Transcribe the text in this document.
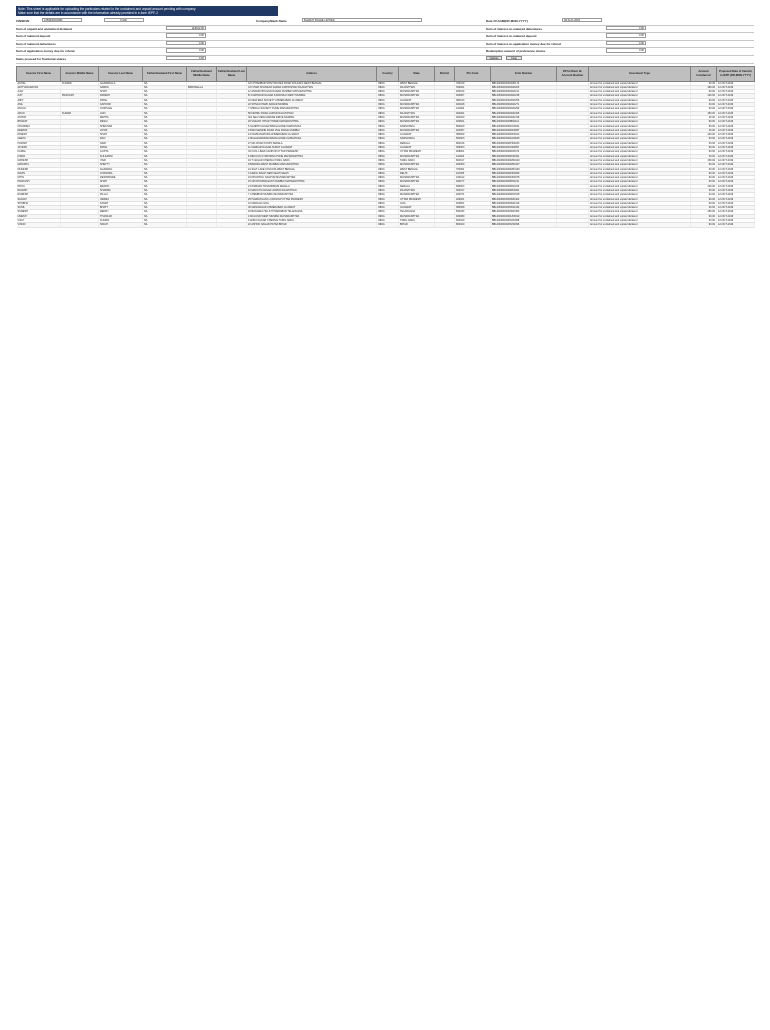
Note: This sheet is applicable for uploading the particulars related to the unclaimed and unpaid amount pending with company.
Make sure that the details are in accordance with the information already provided in e-form IEPF-2
CIN/BCIN	L65990MH1984	Prefill	Company/Bank Name	BHARAT BIJLEE LIMITED	Date Of AGM(DD-MON-YYYY)	08-AUG-2018
Sum of unpaid and unclaimed dividend	118422.00	Sum of interest on matured debentures	0.00
Sum of matured deposit	0.00	Sum of interest on matured deposit	0.00
Sum of matured debentures	0.00	Sum of interest on application money due for refund	0.00
Sum of application money due for refund	0.00	Redemption amount of preference shares	0.00
Sales proceed for fractional shares	0.00	Validate	Clear
Investor First Name	Investor Middle Name	Investor Last Name	Father/Husband First Name	Father/Husband Middle Name	Father/Husband Last Name	Address	Country	State	District	Pin Code	Folio Number	DP Id-Client Id-Account Number	Investment Type	Amount transferred	Proposed Date of transfer to IEPF (DD-MON-YYYY)
ACHAL	KUMARI	AGARWALLA	NA			C/O PITAMBAR SHAH 8/A DEF ROAD KOLKATA WEST BENGAL	INDIA	WEST BENGAL		700019	BBL0000000000A00174		Amount for unclaimed and unpaid dividend	30.00	12-OCT-2019
ADITYANARAYAN		SARDA	NA	BIRDIWALLA		C/O HARI SHANKAR SARDA GOPIKISHAN RAJASTHAN	INDIA	RAJASTHAN		332001	BBL0000000000A00203		Amount for unclaimed and unpaid dividend	180.00	12-OCT-2019
AJAY		SHAH	NA			12 ANANDI BHUVAN DADAR MUMBAI MAHARASHTRA	INDIA	MAHARASHTRA		400014	BBL0000000000A00211		Amount for unclaimed and unpaid dividend	60.00	12-OCT-2019
AJIT	PRAKASH	PAREKH	NA			B 4 MAHAVIR NAGAR KANDIVALI WEST MUMBAI	INDIA	MAHARASHTRA		400067	BBL0000000000A00238		Amount for unclaimed and unpaid dividend	120.00	12-OCT-2019
AMIT		PATEL	NA			40 NEW ERA SOCIETY AHMEDABAD GUJARAT	INDIA	GUJARAT		380013	BBL0000000000A00256		Amount for unclaimed and unpaid dividend	90.00	12-OCT-2019
ANIL		KAPOOR	NA			22 SHIVAJI PARK DADAR MUMBAI	INDIA	MAHARASHTRA		400028	BBL0000000000A00271		Amount for unclaimed and unpaid dividend	30.00	12-OCT-2019
ANJALI		GOKHALE	NA			7 SHIRALI SOCIETY PUNE MAHARASHTRA	INDIA	MAHARASHTRA		411004	BBL0000000000A00290		Amount for unclaimed and unpaid dividend	60.00	12-OCT-2019
ARUN	KUMAR	JAIN	NA			56 NEHRU ROAD JAIPUR RAJASTHAN	INDIA	RAJASTHAN		302001	BBL0000000000A00305		Amount for unclaimed and unpaid dividend	150.00	12-OCT-2019
ASHOK		MEHTA	NA			301 SEA VIEW MARINE DRIVE MUMBAI	INDIA	MAHARASHTRA		400020	BBL0000000000A00318		Amount for unclaimed and unpaid dividend	30.00	12-OCT-2019
BHARAT		DESAI	NA			18 VASANT VIHAR THANE MAHARASHTRA	INDIA	MAHARASHTRA		400601	BBL0000000000B00112		Amount for unclaimed and unpaid dividend	90.00	12-OCT-2019
CHANDRA		SHEKHAR	NA			5 GANDHI NAGAR BANGALORE KARNATAKA	INDIA	KARNATAKA		560009	BBL0000000000C00041		Amount for unclaimed and unpaid dividend	60.00	12-OCT-2019
DEEPAK		JOSHI	NA			9 RAM MANDIR ROAD VILE PARLE MUMBAI	INDIA	MAHARASHTRA		400057	BBL0000000000D00087		Amount for unclaimed and unpaid dividend	30.00	12-OCT-2019
DINESH		SHAH	NA			14 NAVRANGPURA AHMEDABAD GUJARAT	INDIA	GUJARAT		380009	BBL0000000000D00102		Amount for unclaimed and unpaid dividend	120.00	12-OCT-2019
GEETA		RAO	NA			4 MALLESWARAM BANGALORE KARNATAKA	INDIA	KARNATAKA		560003	BBL0000000000G00025		Amount for unclaimed and unpaid dividend	60.00	12-OCT-2019
HARISH		NAIR	NA			27 MG ROAD KOCHI KERALA	INDIA	KERALA		682016	BBL0000000000H00033		Amount for unclaimed and unpaid dividend	30.00	12-OCT-2019
JAYESH		PATEL	NA			11 SARDAR NAGAR SURAT GUJARAT	INDIA	GUJARAT		395003	BBL0000000000J00058		Amount for unclaimed and unpaid dividend	90.00	12-OCT-2019
KAMAL		GUPTA	NA			33 CIVIL LINES KANPUR UTTAR PRADESH	INDIA	UTTAR PRADESH		208001	BBL0000000000K00074		Amount for unclaimed and unpaid dividend	60.00	12-OCT-2019
KIRAN		KULKARNI	NA			6 DECCAN GYMKHANA PUNE MAHARASHTRA	INDIA	MAHARASHTRA		411004	BBL0000000000K00091		Amount for unclaimed and unpaid dividend	30.00	12-OCT-2019
MAHESH		IYER	NA			19 T NAGAR CHENNAI TAMIL NADU	INDIA	TAMIL NADU		600017	BBL0000000000M00120		Amount for unclaimed and unpaid dividend	150.00	12-OCT-2019
MANISHA		SHETTY	NA			8 BANDRA WEST MUMBAI MAHARASHTRA	INDIA	MAHARASHTRA		400050	BBL0000000000M00137		Amount for unclaimed and unpaid dividend	60.00	12-OCT-2019
MUKESH		AGARWAL	NA			21 SALT LAKE KOLKATA WEST BENGAL	INDIA	WEST BENGAL		700091	BBL0000000000M00149		Amount for unclaimed and unpaid dividend	30.00	12-OCT-2019
NAVIN		CHANDRA	NA			3 KAROL BAGH NEW DELHI DELHI	INDIA	DELHI		110005	BBL0000000000N00066		Amount for unclaimed and unpaid dividend	90.00	12-OCT-2019
NITIN		DESHPANDE	NA			44 DHANTOLI NAGPUR MAHARASHTRA	INDIA	MAHARASHTRA		440012	BBL0000000000N00078		Amount for unclaimed and unpaid dividend	60.00	12-OCT-2019
PRAKASH		SHAH	NA			15 GHATKOPAR EAST MUMBAI MAHARASHTRA	INDIA	MAHARASHTRA		400077	BBL0000000000P00211		Amount for unclaimed and unpaid dividend	30.00	12-OCT-2019
PRIYA		MENON	NA			2 KOWDIAR TRIVANDRUM KERALA	INDIA	KERALA		695003	BBL0000000000P00226		Amount for unclaimed and unpaid dividend	120.00	12-OCT-2019
RAJESH		SHARMA	NA			10 MALVIYA NAGAR JAIPUR RAJASTHAN	INDIA	RAJASTHAN		302017	BBL0000000000R00301		Amount for unclaimed and unpaid dividend	60.00	12-OCT-2019
RAMESH		PILLAI	NA			7 CHEMBUR MUMBAI MAHARASHTRA	INDIA	MAHARASHTRA		400071	BBL0000000000R00318		Amount for unclaimed and unpaid dividend	30.00	12-OCT-2019
SANJAY		VERMA	NA			25 HAZRATGANJ LUCKNOW UTTAR PRADESH	INDIA	UTTAR PRADESH		226001	BBL0000000000S00402		Amount for unclaimed and unpaid dividend	90.00	12-OCT-2019
SHOBHA		KAMAT	NA			12 MARGAO GOA	INDIA	GOA		403601	BBL0000000000S00419		Amount for unclaimed and unpaid dividend	60.00	12-OCT-2019
SUNIL		BHATT	NA			30 MANINAGAR AHMEDABAD GUJARAT	INDIA	GUJARAT		380008	BBL0000000000S00433		Amount for unclaimed and unpaid dividend	30.00	12-OCT-2019
SURESH		REDDY	NA			16 BANJARA HILLS HYDERABAD TELANGANA	INDIA	TELANGANA		500034	BBL0000000000S00450		Amount for unclaimed and unpaid dividend	150.00	12-OCT-2019
UMESH		THAKKAR	NA			4 MULUND WEST MUMBAI MAHARASHTRA	INDIA	MAHARASHTRA		400080	BBL0000000000U00019		Amount for unclaimed and unpaid dividend	60.00	12-OCT-2019
VIJAY		KUMAR	NA			9 ANNA NAGAR CHENNAI TAMIL NADU	INDIA	TAMIL NADU		600040	BBL0000000000V00088		Amount for unclaimed and unpaid dividend	30.00	12-OCT-2019
VINOD		SINGH	NA			22 ASHOK NAGAR PATNA BIHAR	INDIA	BIHAR		800020	BBL0000000000V00096		Amount for unclaimed and unpaid dividend	90.00	12-OCT-2019
